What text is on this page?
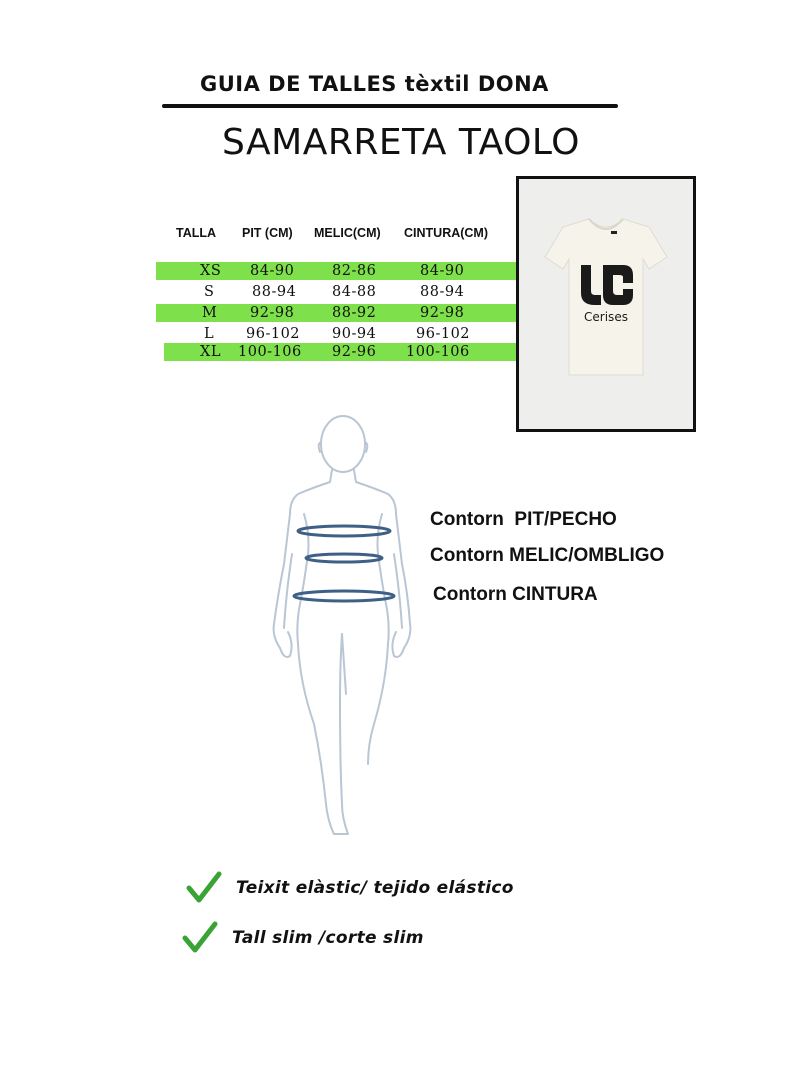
GUIA DE TALLES tèxtil DONA
SAMARRETA TAOLO
TALLA PIT (CM) MELIC(CM) CINTURA(CM)
XS 84-90	82-86	84-90
S	88-94 84-88	88-94
M 92-98	88-92	92-98
L 96-102 90-94	96-102
XL 100-106 92-96 100-106
Cerises
Contorn  PIT/PECHO
Contorn MELIC/OMBLIGO
Contorn CINTURA
Teixit elàstic/ tejido elástico
Tall slim /corte slim
